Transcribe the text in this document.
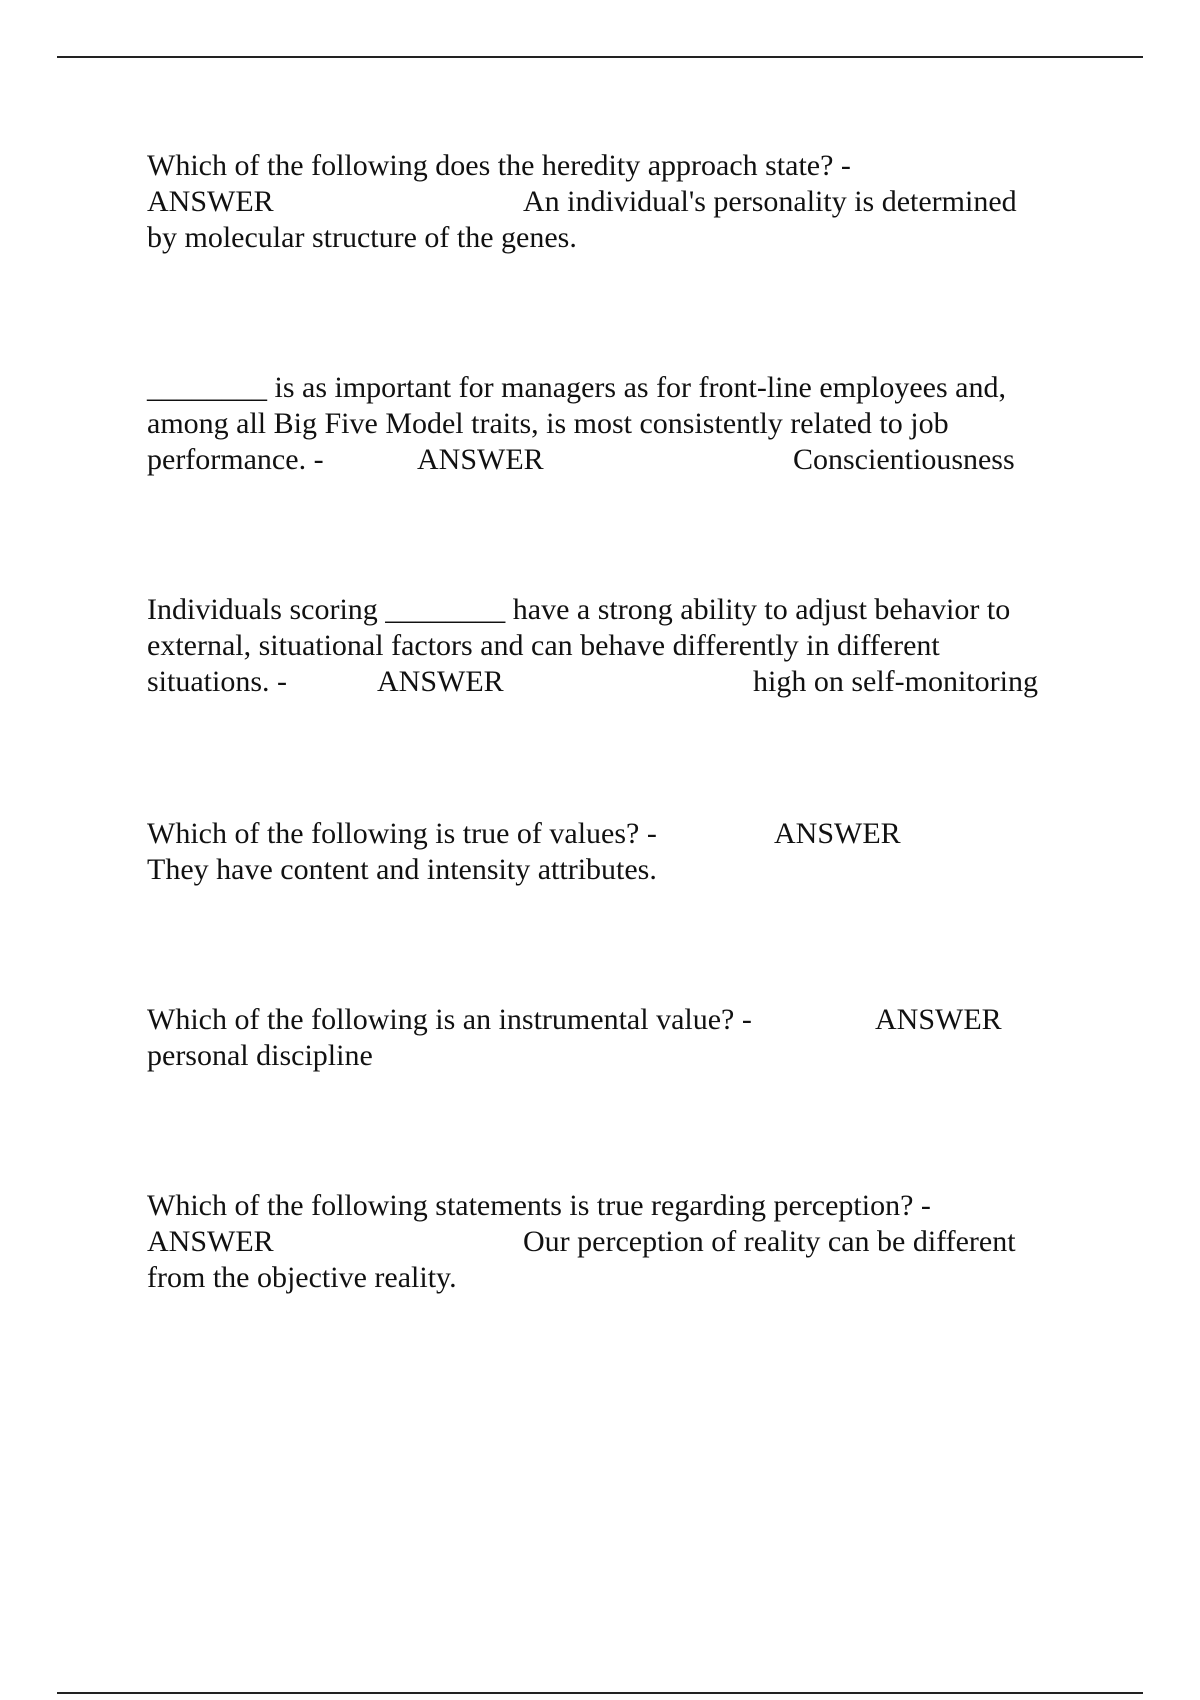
Which of the following does the heredity approach state? -
ANSWER	An individual's personality is determined
by molecular structure of the genes.
________ is as important for managers as for front-line employees and,
among all Big Five Model traits, is most consistently related to job
performance. -	ANSWER	Conscientiousness
Individuals scoring ________ have a strong ability to adjust behavior to
external, situational factors and can behave differently in different
situations. -	ANSWER	high on self-monitoring
Which of the following is true of values? -	ANSWER
They have content and intensity attributes.
Which of the following is an instrumental value? -	ANSWER
personal discipline
Which of the following statements is true regarding perception? -
ANSWER	Our perception of reality can be different
from the objective reality.
